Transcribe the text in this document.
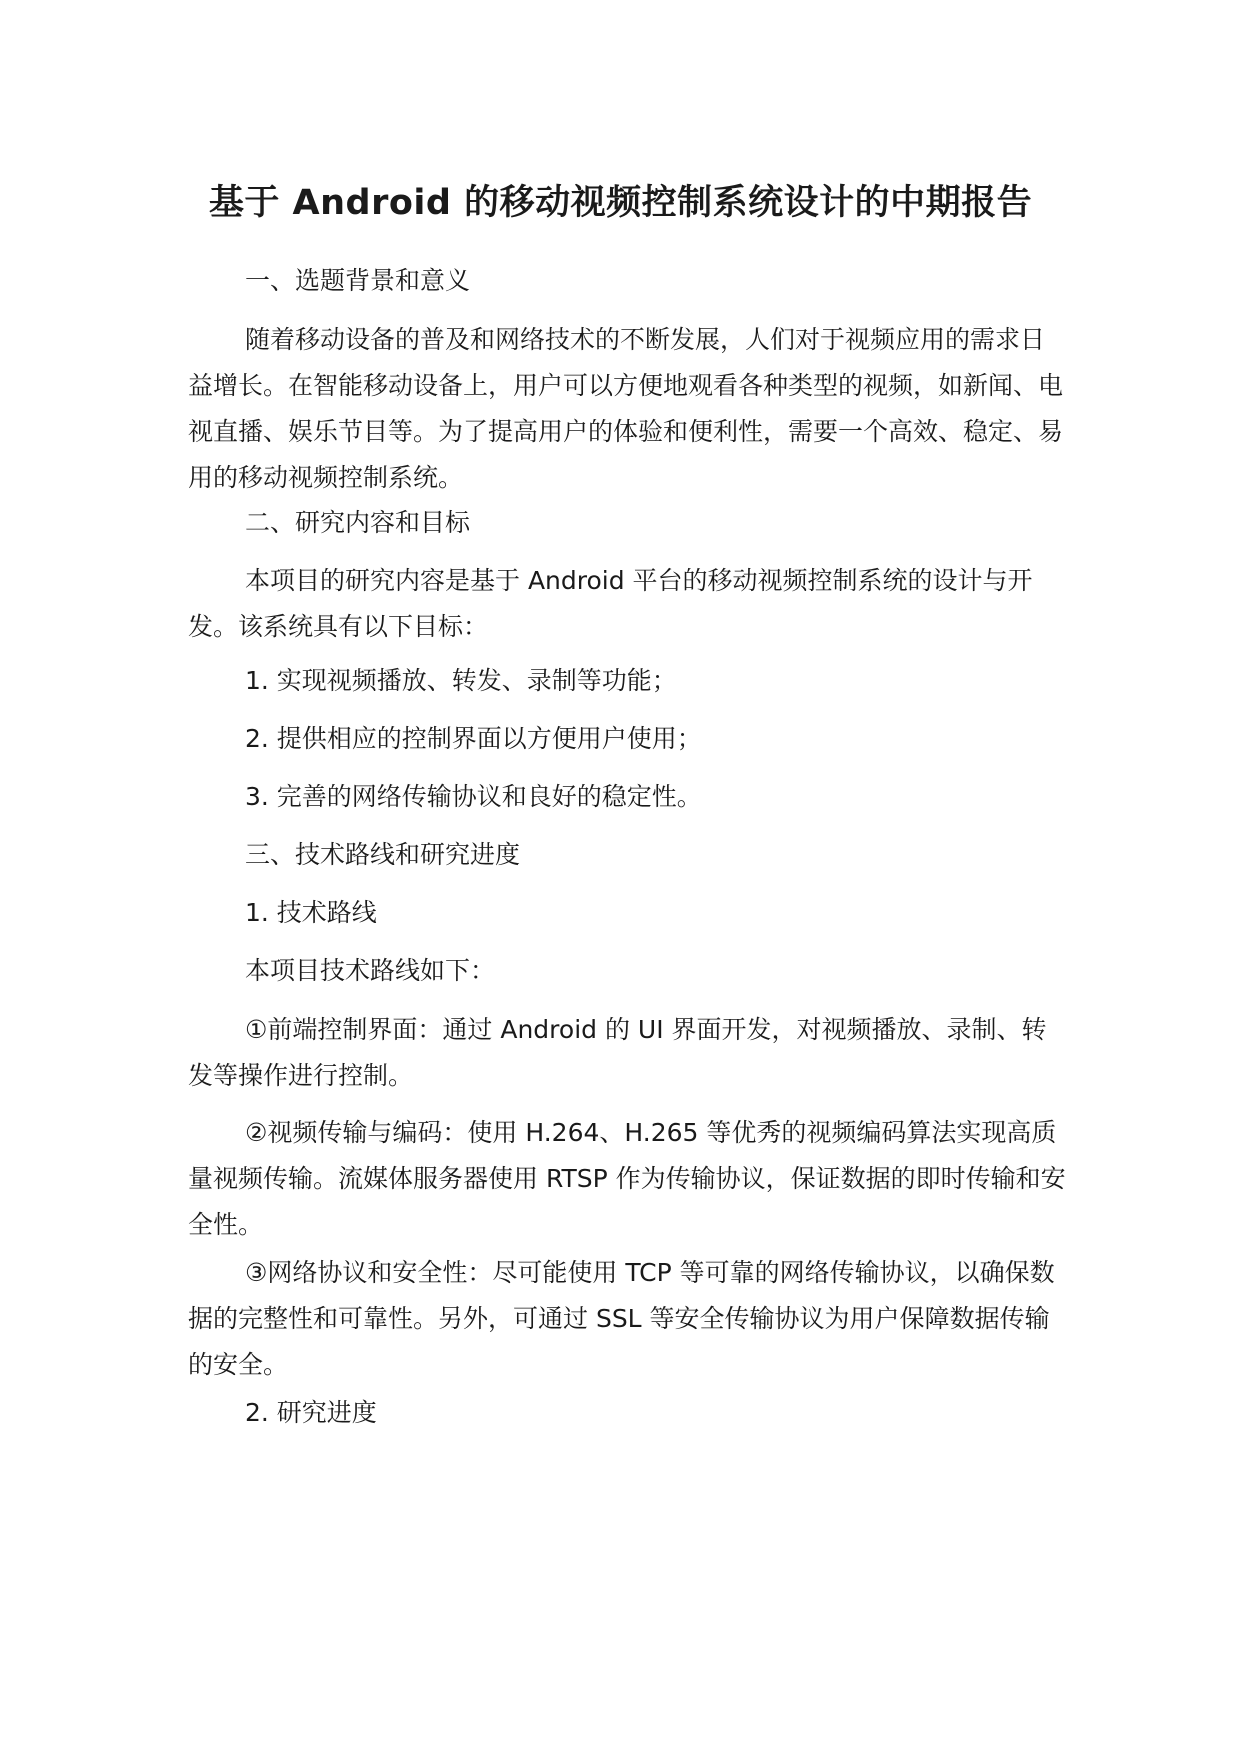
基于 Android 的移动视频控制系统设计的中期报告

一、选题背景和意义

随着移动设备的普及和网络技术的不断发展，人们对于视频应用的需求日益增长。在智能移动设备上，用户可以方便地观看各种类型的视频，如新闻、电视直播、娱乐节目等。为了提高用户的体验和便利性，需要一个高效、稳定、易用的移动视频控制系统。

二、研究内容和目标

本项目的研究内容是基于 Android 平台的移动视频控制系统的设计与开发。该系统具有以下目标：

1. 实现视频播放、转发、录制等功能；

2. 提供相应的控制界面以方便用户使用；

3. 完善的网络传输协议和良好的稳定性。

三、技术路线和研究进度

1. 技术路线

本项目技术路线如下：

①前端控制界面：通过 Android 的 UI 界面开发，对视频播放、录制、转发等操作进行控制。

②视频传输与编码：使用 H.264、H.265 等优秀的视频编码算法实现高质量视频传输。流媒体服务器使用 RTSP 作为传输协议，保证数据的即时传输和安全性。

③网络协议和安全性：尽可能使用 TCP 等可靠的网络传输协议，以确保数据的完整性和可靠性。另外，可通过 SSL 等安全传输协议为用户保障数据传输的安全。

2. 研究进度
